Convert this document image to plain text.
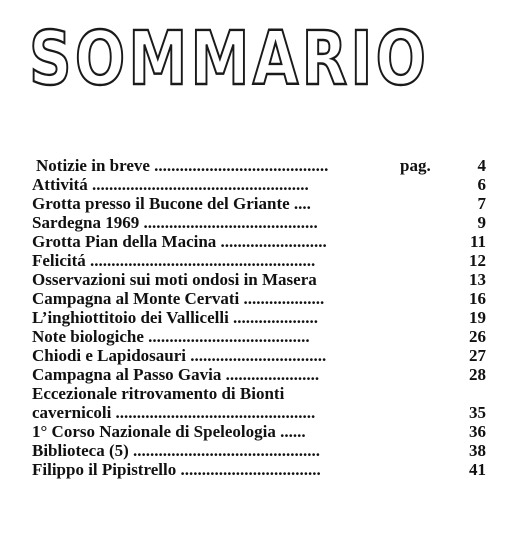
SOMMARIO
Notizie in breve .........................................	pag.	4
Attivitá ...................................................	6
Grotta presso il Bucone del Griante ....	7
Sardegna 1969 .........................................	9
Grotta Pian della Macina .........................	11
Felicitá .....................................................	12
Osservazioni sui moti ondosi in Masera	13
Campagna al Monte Cervati ...................	16
L’inghiottitoio dei Vallicelli ....................	19
Note biologiche ......................................	26
Chiodi e Lapidosauri ................................	27
Campagna al Passo Gavia ......................	28
Eccezionale ritrovamento di Bionti
cavernicoli ...............................................	35
1° Corso Nazionale di Speleologia ......	36
Biblioteca (5) ............................................	38
Filippo il Pipistrello .................................	41
